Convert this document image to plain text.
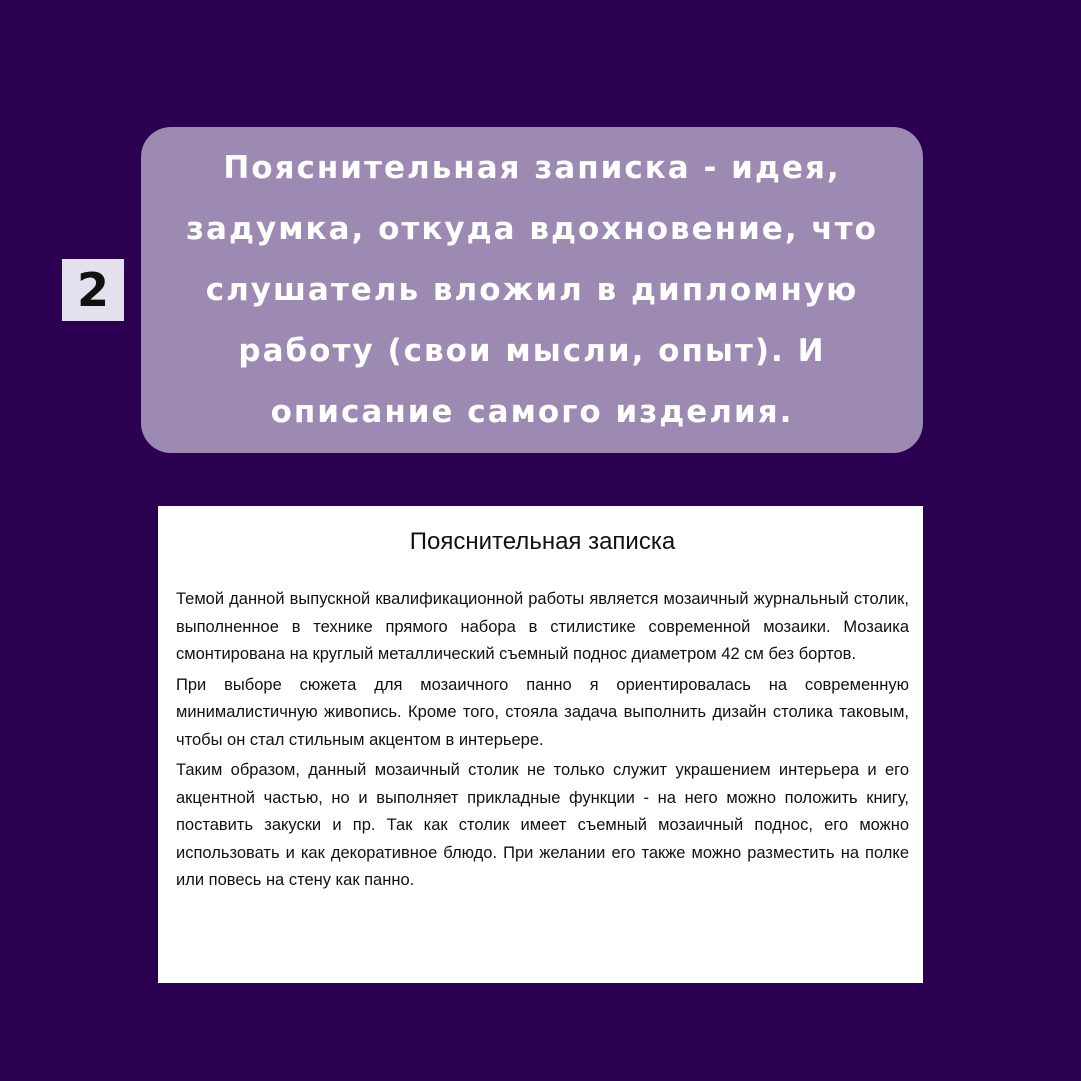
2

Пояснительная записка - идея, задумка, откуда вдохновение, что слушатель вложил в дипломную работу (свои мысли, опыт). И описание самого изделия.

Пояснительная записка

Темой данной выпускной квалификационной работы является мозаичный журнальный столик, выполненное в технике прямого набора в стилистике современной мозаики. Мозаика смонтирована на круглый металлический съемный поднос диаметром 42 см без бортов.

При выборе сюжета для мозаичного панно я ориентировалась на современную минималистичную живопись. Кроме того, стояла задача выполнить дизайн столика таковым, чтобы он стал стильным акцентом в интерьере.

Таким образом, данный мозаичный столик не только служит украшением интерьера и его акцентной частью, но и выполняет прикладные функции - на него можно положить книгу, поставить закуски и пр. Так как столик имеет съемный мозаичный поднос, его можно использовать и как декоративное блюдо. При желании его также можно разместить на полке или повесь на стену как панно.
